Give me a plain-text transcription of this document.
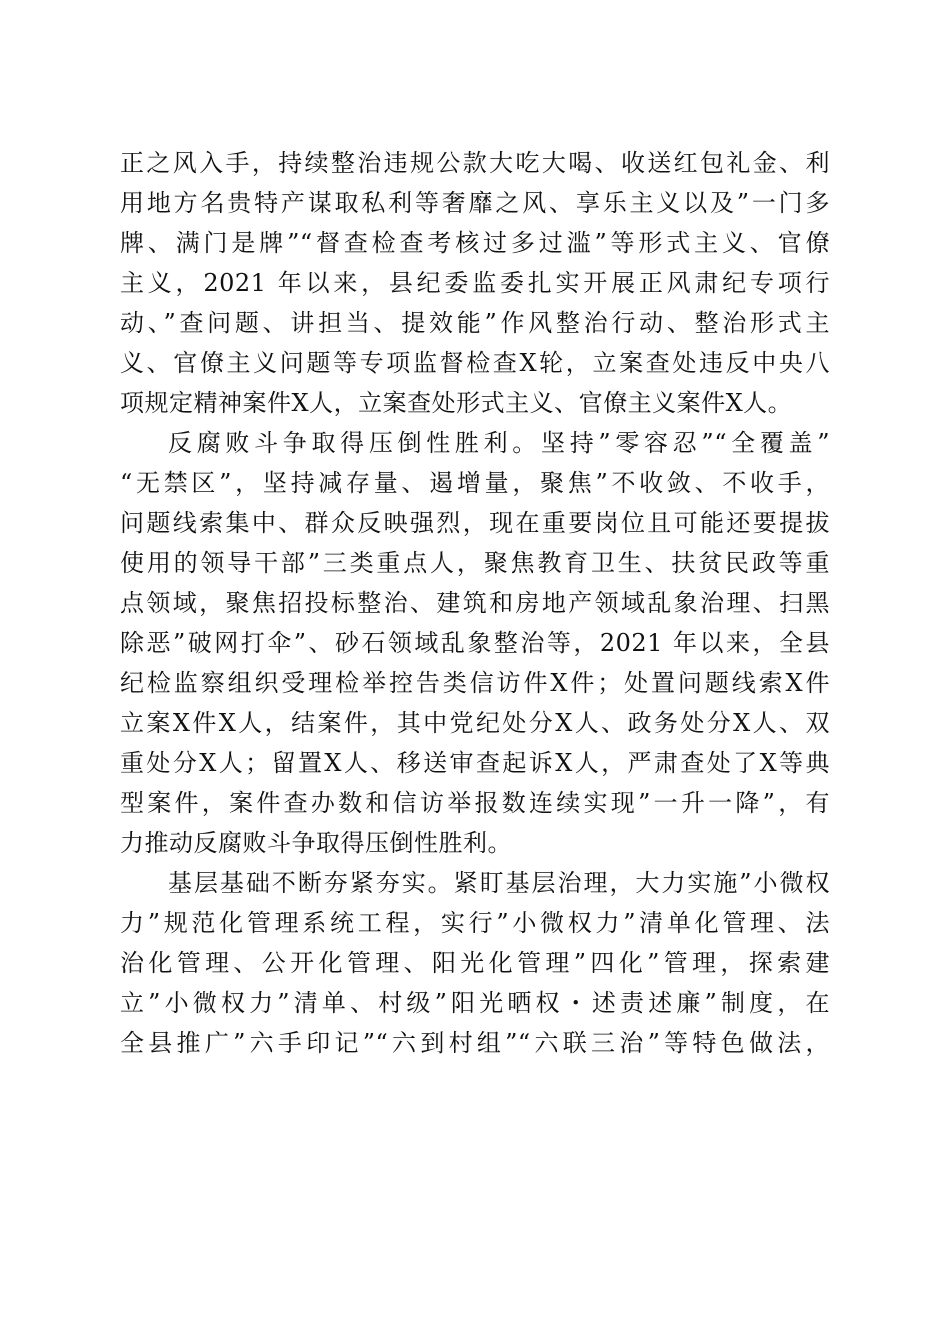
正之风入手，持续整治违规公款大吃大喝、收送红包礼金、利
用地方名贵特产谋取私利等奢靡之风、享乐主义以及”一门多
牌、满门是牌”“督查检查考核过多过滥”等形式主义、官僚
主义，2021 年以来，县纪委监委扎实开展正风肃纪专项行
动、”查问题、讲担当、提效能”作风整治行动、整治形式主
义、官僚主义问题等专项监督检查X轮，立案查处违反中央八
项规定精神案件X人，立案查处形式主义、官僚主义案件X人。
反腐败斗争取得压倒性胜利。坚持”零容忍”“全覆盖”
“无禁区”，坚持减存量、遏增量，聚焦”不收敛、不收手，
问题线索集中、群众反映强烈，现在重要岗位且可能还要提拔
使用的领导干部”三类重点人，聚焦教育卫生、扶贫民政等重
点领域，聚焦招投标整治、建筑和房地产领域乱象治理、扫黑
除恶”破网打伞”、砂石领域乱象整治等，2021 年以来，全县
纪检监察组织受理检举控告类信访件X件；处置问题线索X件
立案X件X人，结案件，其中党纪处分X人、政务处分X人、双
重处分X人；留置X人、移送审查起诉X人，严肃查处了X等典
型案件，案件查办数和信访举报数连续实现”一升一降”，有
力推动反腐败斗争取得压倒性胜利。
基层基础不断夯紧夯实。紧盯基层治理，大力实施”小微权
力”规范化管理系统工程，实行”小微权力”清单化管理、法
治化管理、公开化管理、阳光化管理”四化”管理，探索建
立”小微权力”清单、村级”阳光晒权・述责述廉”制度，在
全县推广”六手印记”“六到村组”“六联三治”等特色做法，
